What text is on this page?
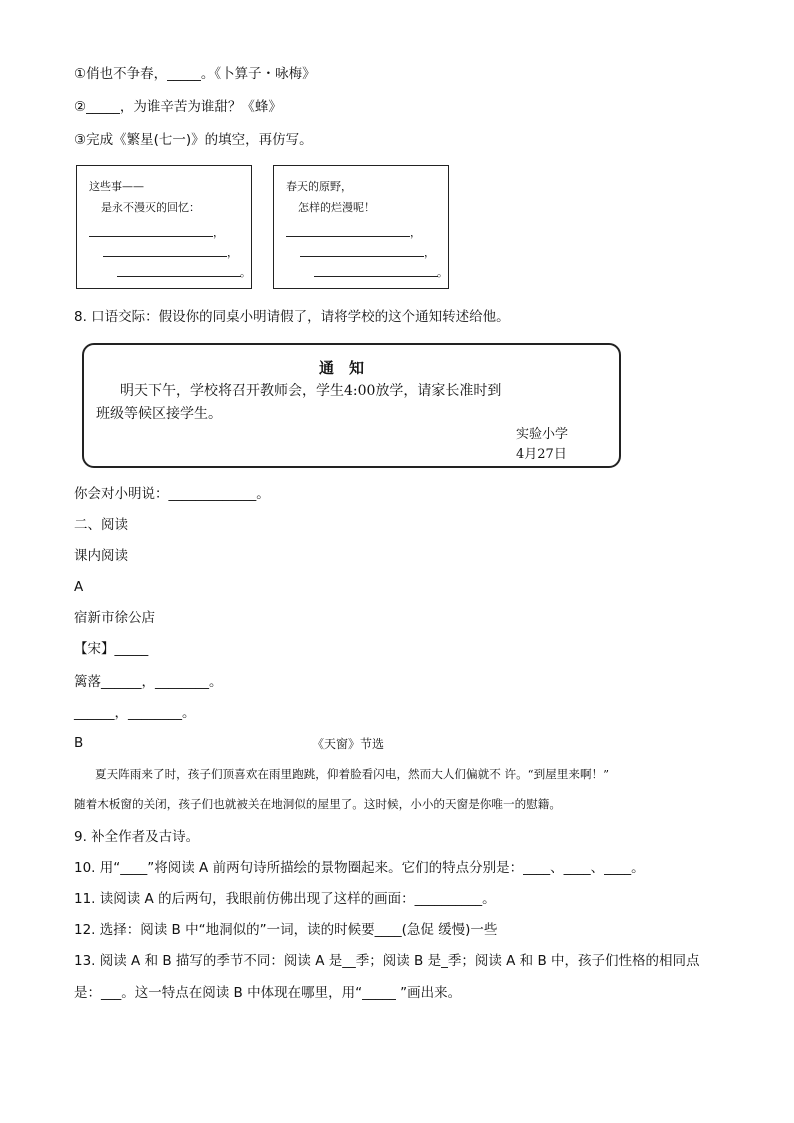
①俏也不争春，_____。《卜算子・咏梅》
②_____，为谁辛苦为谁甜？《蜂》
③完成《繁星(七一)》的填空，再仿写。
这些事——
是永不漫灭的回忆：
，
，
。
春天的原野，
怎样的烂漫呢！
，
，
。
8. 口语交际：假设你的同桌小明请假了，请将学校的这个通知转述给他。
通　知
明天下午，学校将召开教师会，学生4:00放学，请家长准时到
班级等候区接学生。
实验小学
4月27日
你会对小明说：_____________。
二、阅读
课内阅读
A
宿新市徐公店
【宋】_____
篱落______，________。
______，________。
B	《天窗》节选
夏天阵雨来了时，孩子们顶喜欢在雨里跑跳，仰着脸看闪电，然而大人们偏就不 许。“到屋里来啊！”
随着木板窗的关闭，孩子们也就被关在地洞似的屋里了。这时候，小小的天窗是你唯一的慰籍。
9. 补全作者及古诗。
10. 用“____”将阅读 A 前两句诗所描绘的景物圈起来。它们的特点分别是：____、____、____。
11. 读阅读 A 的后两句，我眼前仿佛出现了这样的画面：__________。
12. 选择：阅读 B 中“地洞似的”一词，读的时候要____(急促 缓慢)一些
13. 阅读 A 和 B 描写的季节不同：阅读 A 是__季；阅读 B 是_季；阅读 A 和 B 中，孩子们性格的相同点
是：___。这一特点在阅读 B 中体现在哪里，用“_____ ”画出来。
